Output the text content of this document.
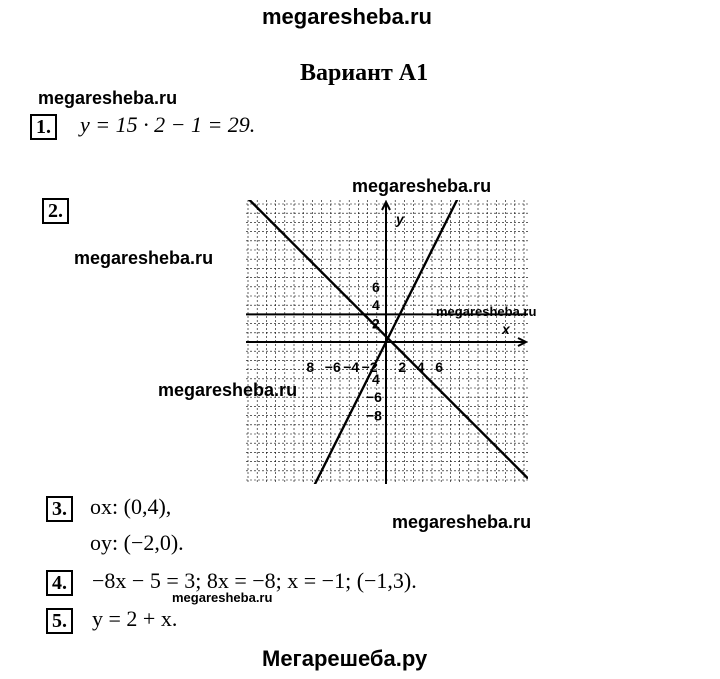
megaresheba.ru
megaresheba.ru
megaresheba.ru
megaresheba.ru
megaresheba.ru
megaresheba.ru
megaresheba.ru
megaresheba.ru
Мегарешеба.ру
Вариант А1
1. y = 15 · 2 − 1 = 29.
2.
8 −6 −4 −2 2 4 6
6
4
2
4
−6
−8
x
y
3. ox: (0,4),
oy: (−2,0).
4. −8x − 5 = 3; 8x = −8; x = −1; (−1,3).
5. y = 2 + x.
